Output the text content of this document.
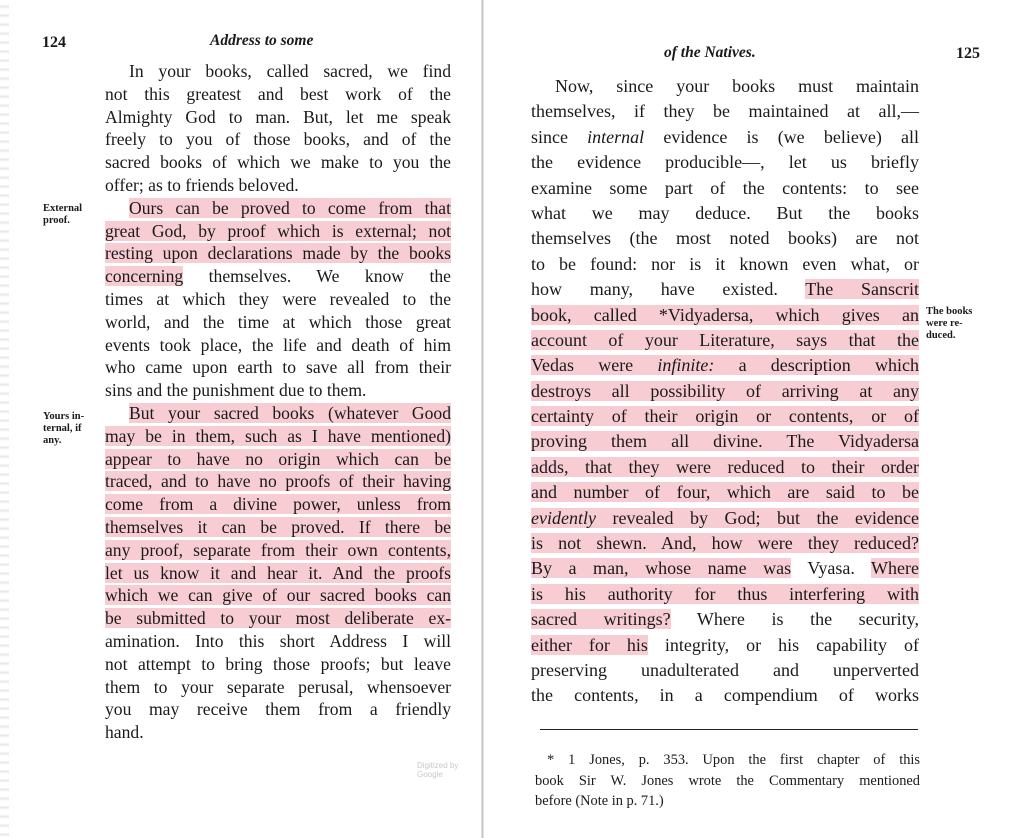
124	Address to some
External
proof.
Yours in-
ternal, if
any.
In your books, called sacred, we find
not this greatest and best work of the
Almighty God to man. But, let me speak
freely to you of those books, and of the
sacred books of which we make to you the
offer; as to friends beloved.
Ours can be proved to come from that
great God, by proof which is external; not
resting upon declarations made by the books
concerning themselves. We know the
times at which they were revealed to the
world, and the time at which those great
events took place, the life and death of him
who came upon earth to save all from their
sins and the punishment due to them.
But your sacred books (whatever Good
may be in them, such as I have mentioned)
appear to have no origin which can be
traced, and to have no proofs of their having
come from a divine power, unless from
themselves it can be proved. If there be
any proof, separate from their own contents,
let us know it and hear it. And the proofs
which we can give of our sacred books can
be submitted to your most deliberate ex-
amination. Into this short Address I will
not attempt to bring those proofs; but leave
them to your separate perusal, whensoever
you may receive them from a friendly
hand.
Digitized by Google
of the Natives.	125
The books
were re-
duced.
Now, since your books must maintain
themselves, if they be maintained at all,—
since internal evidence is (we believe) all
the evidence producible—, let us briefly
examine some part of the contents: to see
what we may deduce. But the books
themselves (the most noted books) are not
to be found: nor is it known even what, or
how many, have existed. The Sanscrit
book, called *Vidyadersa, which gives an
account of your Literature, says that the
Vedas were infinite: a description which
destroys all possibility of arriving at any
certainty of their origin or contents, or of
proving them all divine. The Vidyadersa
adds, that they were reduced to their order
and number of four, which are said to be
evidently revealed by God; but the evidence
is not shewn. And, how were they reduced?
By a man, whose name was Vyasa. Where
is his authority for thus interfering with
sacred writings? Where is the security,
either for his integrity, or his capability of
preserving unadulterated and unperverted
the contents, in a compendium of works
* 1 Jones, p. 353. Upon the first chapter of this
book Sir W. Jones wrote the Commentary mentioned
before (Note in p. 71.)
